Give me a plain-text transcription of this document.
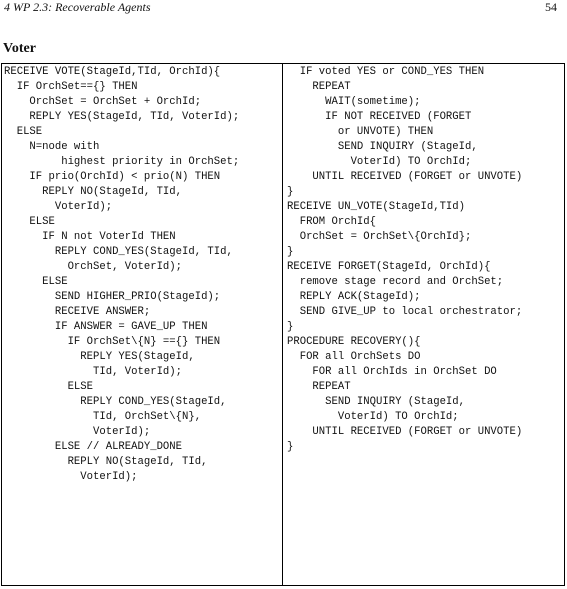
4 WP 2.3: Recoverable Agents	54
Voter
RECEIVE VOTE(StageId,TId, OrchId){
IF OrchSet=={} THEN
OrchSet = OrchSet + OrchId;
REPLY YES(StageId, TId, VoterId);
ELSE
N=node with
highest priority in OrchSet;
IF prio(OrchId) < prio(N) THEN
REPLY NO(StageId, TId,
VoterId);
ELSE
IF N not VoterId THEN
REPLY COND_YES(StageId, TId,
OrchSet, VoterId);
ELSE
SEND HIGHER_PRIO(StageId);
RECEIVE ANSWER;
IF ANSWER = GAVE_UP THEN
IF OrchSet\{N} =={} THEN
REPLY YES(StageId,
TId, VoterId);
ELSE
REPLY COND_YES(StageId,
TId, OrchSet\{N},
VoterId);
ELSE // ALREADY_DONE
REPLY NO(StageId, TId,
VoterId);
IF voted YES or COND_YES THEN
REPEAT
WAIT(sometime);
IF NOT RECEIVED (FORGET
or UNVOTE) THEN
SEND INQUIRY (StageId,
VoterId) TO OrchId;
UNTIL RECEIVED (FORGET or UNVOTE)
}
RECEIVE UN_VOTE(StageId,TId)
FROM OrchId{
OrchSet = OrchSet\{OrchId};
}
RECEIVE FORGET(StageId, OrchId){
remove stage record and OrchSet;
REPLY ACK(StageId);
SEND GIVE_UP to local orchestrator;
}
PROCEDURE RECOVERY(){
FOR all OrchSets DO
FOR all OrchIds in OrchSet DO
REPEAT
SEND INQUIRY (StageId,
VoterId) TO OrchId;
UNTIL RECEIVED (FORGET or UNVOTE)
}
